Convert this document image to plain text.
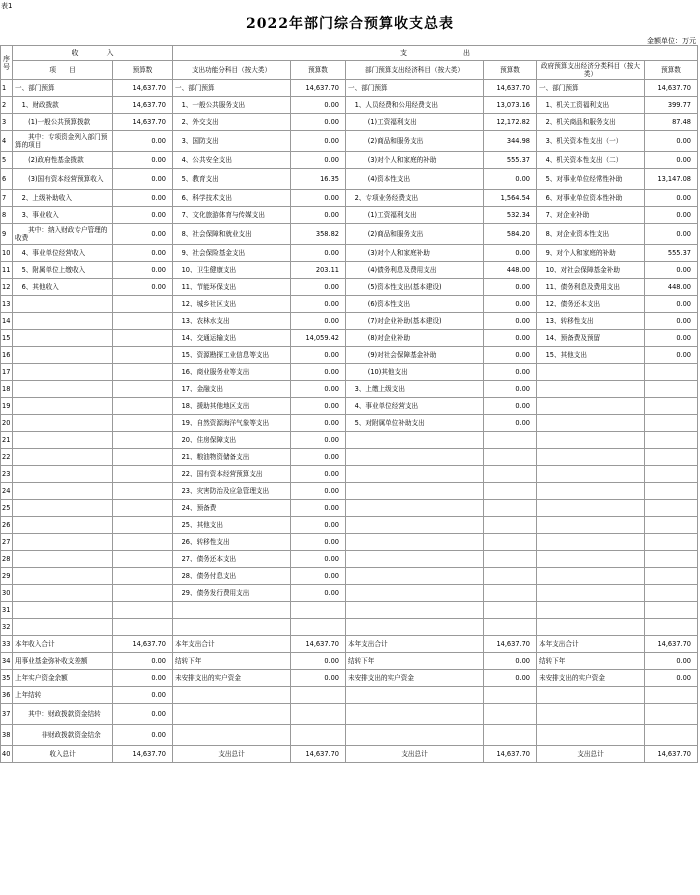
表1
2022年部门综合预算收支总表
金额单位：万元
序号	收　　　　入		支　　　　　　　　出					
	项　　目	预算数	支出功能分科目（按大类）	预算数	部门预算支出经济科目（按大类）	预算数	政府预算支出经济分类科目（按大类）	预算数
1	一、部门预算	14,637.70	一、部门预算	14,637.70	一、部门预算	14,637.70	一、部门预算	14,637.70
2	　1、财政拨款	14,637.70	　1、一般公共服务支出	0.00	　1、人员经费和公用经费支出	13,073.16	　1、机关工资福利支出	399.77
3	　　(1)一般公共预算拨款	14,637.70	　2、外交支出	0.00	　　　(1)工资福利支出	12,172.82	　2、机关商品和服务支出	87.48
4	　　其中：专项资金列入部门预算的项目	0.00	　3、国防支出	0.00	　　　(2)商品和服务支出	344.98	　3、机关资本性支出（一）	0.00
5	　　(2)政府性基金拨款	0.00	　4、公共安全支出	0.00	　　　(3)对个人和家庭的补助	555.37	　4、机关资本性支出（二）	0.00
6	　　(3)国有资本经营预算收入	0.00	　5、教育支出	16.35	　　　(4)资本性支出	0.00	　5、对事业单位经常性补助	13,147.08
7	　2、上级补助收入	0.00	　6、科学技术支出	0.00	　2、专项业务经费支出	1,564.54	　6、对事业单位资本性补助	0.00
8	　3、事业收入	0.00	　7、文化旅游体育与传媒支出	0.00	　　　(1)工资福利支出	532.34	　7、对企业补助	0.00
9	　　其中：纳入财政专户管理的收费	0.00	　8、社会保障和就业支出	358.82	　　　(2)商品和服务支出	584.20	　8、对企业资本性支出	0.00
10	　4、事业单位经营收入	0.00	　9、社会保险基金支出	0.00	　　　(3)对个人和家庭补助	0.00	　9、对个人和家庭的补助	555.37
11	　5、附属单位上缴收入	0.00	　10、卫生健康支出	203.11	　　　(4)债务利息及费用支出	448.00	　10、对社会保障基金补助	0.00
12	　6、其他收入	0.00	　11、节能环保支出	0.00	　　　(5)资本性支出(基本建设)	0.00	　11、债务利息及费用支出	448.00
13			　12、城乡社区支出	0.00	　　　(6)资本性支出	0.00	　12、债务还本支出	0.00
14			　13、农林水支出	0.00	　　　(7)对企业补助(基本建设)	0.00	　13、转移性支出	0.00
15			　14、交通运输支出	14,059.42	　　　(8)对企业补助	0.00	　14、预备费及预留	0.00
16			　15、资源勘探工业信息等支出	0.00	　　　(9)对社会保障基金补助	0.00	　15、其他支出	0.00
17			　16、商业服务业等支出	0.00	　　　(10)其他支出	0.00		
18			　17、金融支出	0.00	　3、上缴上级支出	0.00		
19			　18、援助其他地区支出	0.00	　4、事业单位经营支出	0.00		
20			　19、自然资源海洋气象等支出	0.00	　5、对附属单位补助支出	0.00		
21			　20、住房保障支出	0.00				
22			　21、粮油物资储备支出	0.00				
23			　22、国有资本经营预算支出	0.00				
24			　23、灾害防治及应急管理支出	0.00				
25			　24、预备费	0.00				
26			　25、其他支出	0.00				
27			　26、转移性支出	0.00				
28			　27、债务还本支出	0.00				
29			　28、债务付息支出	0.00				
30			　29、债务发行费用支出	0.00				
31								
32								
33	本年收入合计	14,637.70	本年支出合计	14,637.70	本年支出合计	14,637.70	本年支出合计	14,637.70
34	用事业基金弥补收支差额	0.00	结转下年	0.00	结转下年	0.00	结转下年	0.00
35	上年实户资金余额	0.00	未安排支出的实户资金	0.00	未安排支出的实户资金	0.00	未安排支出的实户资金	0.00
36	上年结转	0.00						
37	　　其中：财政拨款资金结转	0.00						
38	　　　　非财政拨款资金结余	0.00						
40	收入总计	14,637.70	支出总计	14,637.70	支出总计	14,637.70	支出总计	14,637.70
